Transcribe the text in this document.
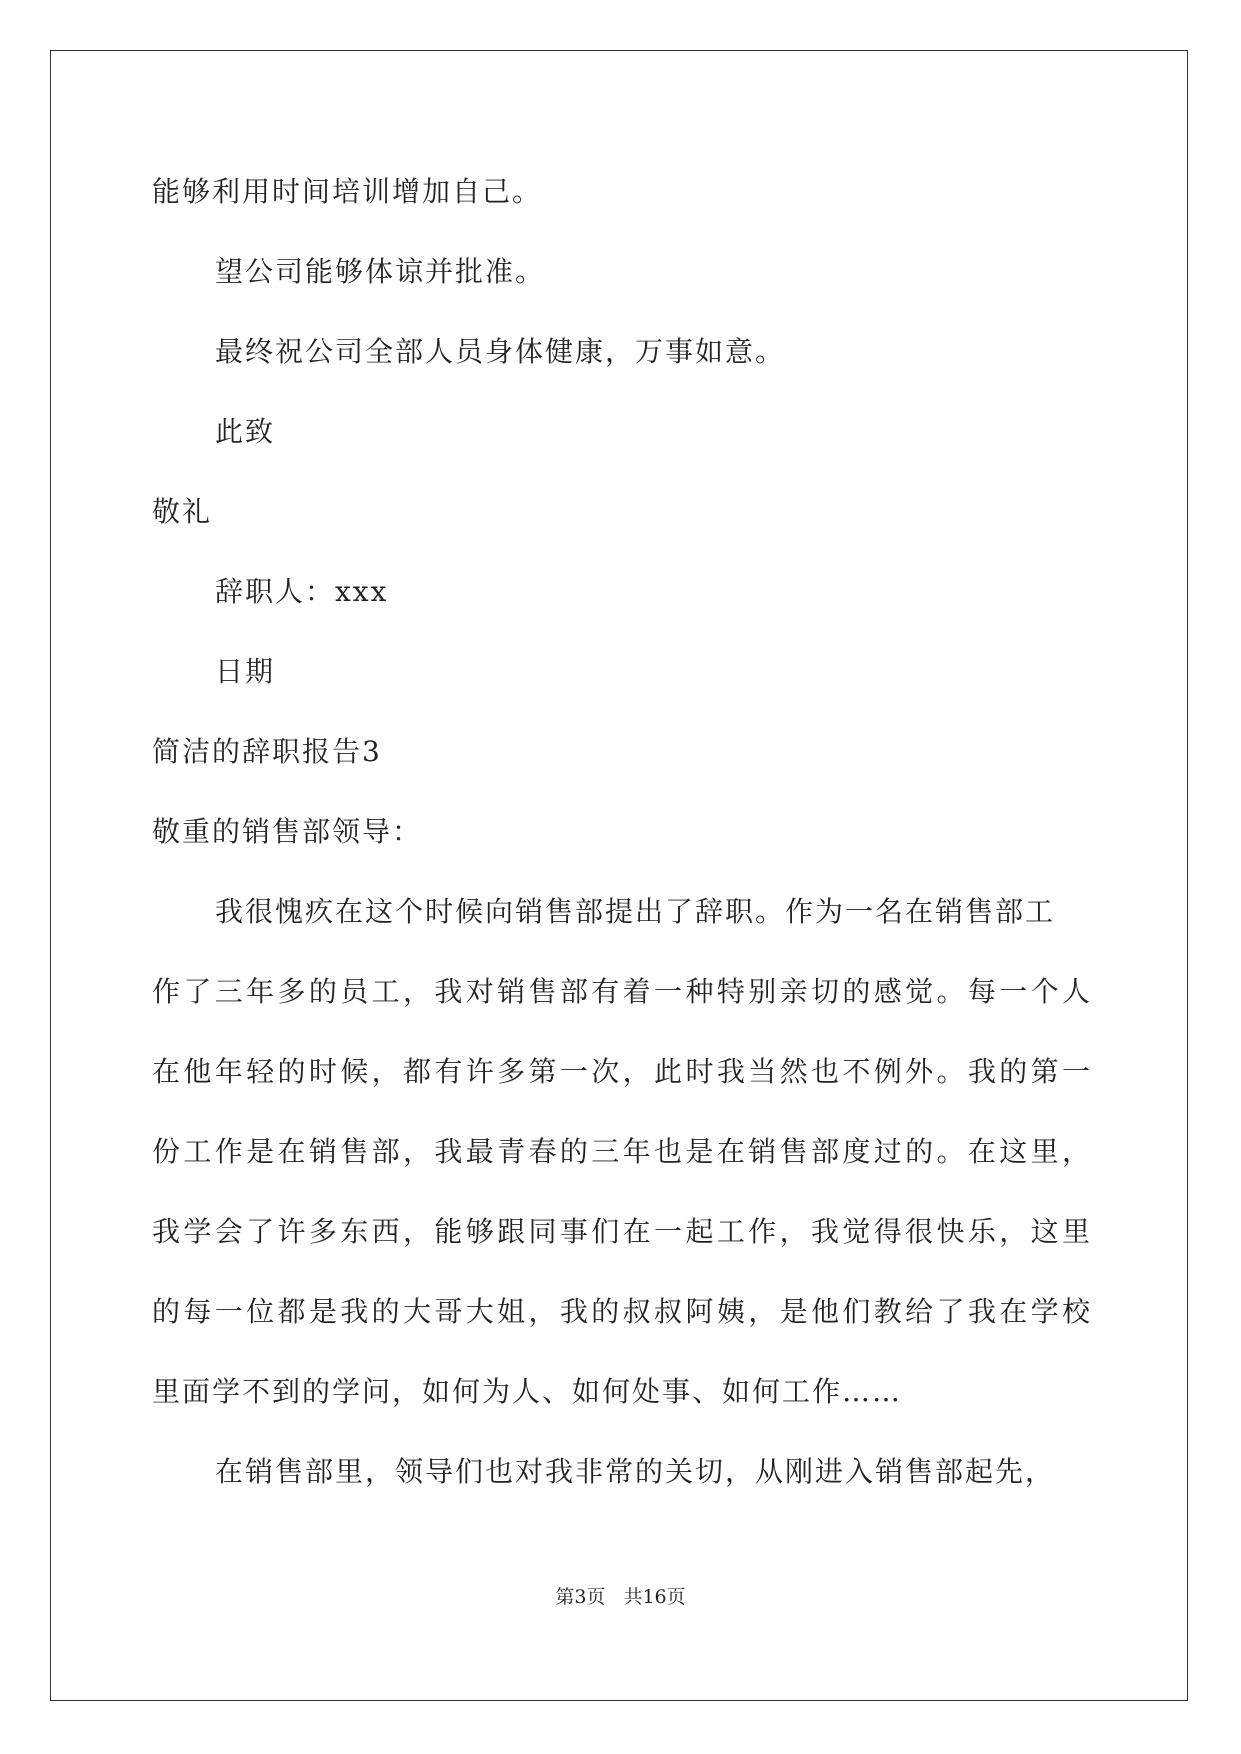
能够利用时间培训增加自己。
望公司能够体谅并批准。
最终祝公司全部人员身体健康，万事如意。
此致
敬礼
辞职人：xxx
日期
简洁的辞职报告3
敬重的销售部领导：
我很愧疚在这个时候向销售部提出了辞职。作为一名在销售部工
作了三年多的员工，我对销售部有着一种特别亲切的感觉。每一个人
在他年轻的时候，都有许多第一次，此时我当然也不例外。我的第一
份工作是在销售部，我最青春的三年也是在销售部度过的。在这里，
我学会了许多东西，能够跟同事们在一起工作，我觉得很快乐，这里
的每一位都是我的大哥大姐，我的叔叔阿姨，是他们教给了我在学校
里面学不到的学问，如何为人、如何处事、如何工作……
在销售部里，领导们也对我非常的关切，从刚进入销售部起先，
第3页 共16页
